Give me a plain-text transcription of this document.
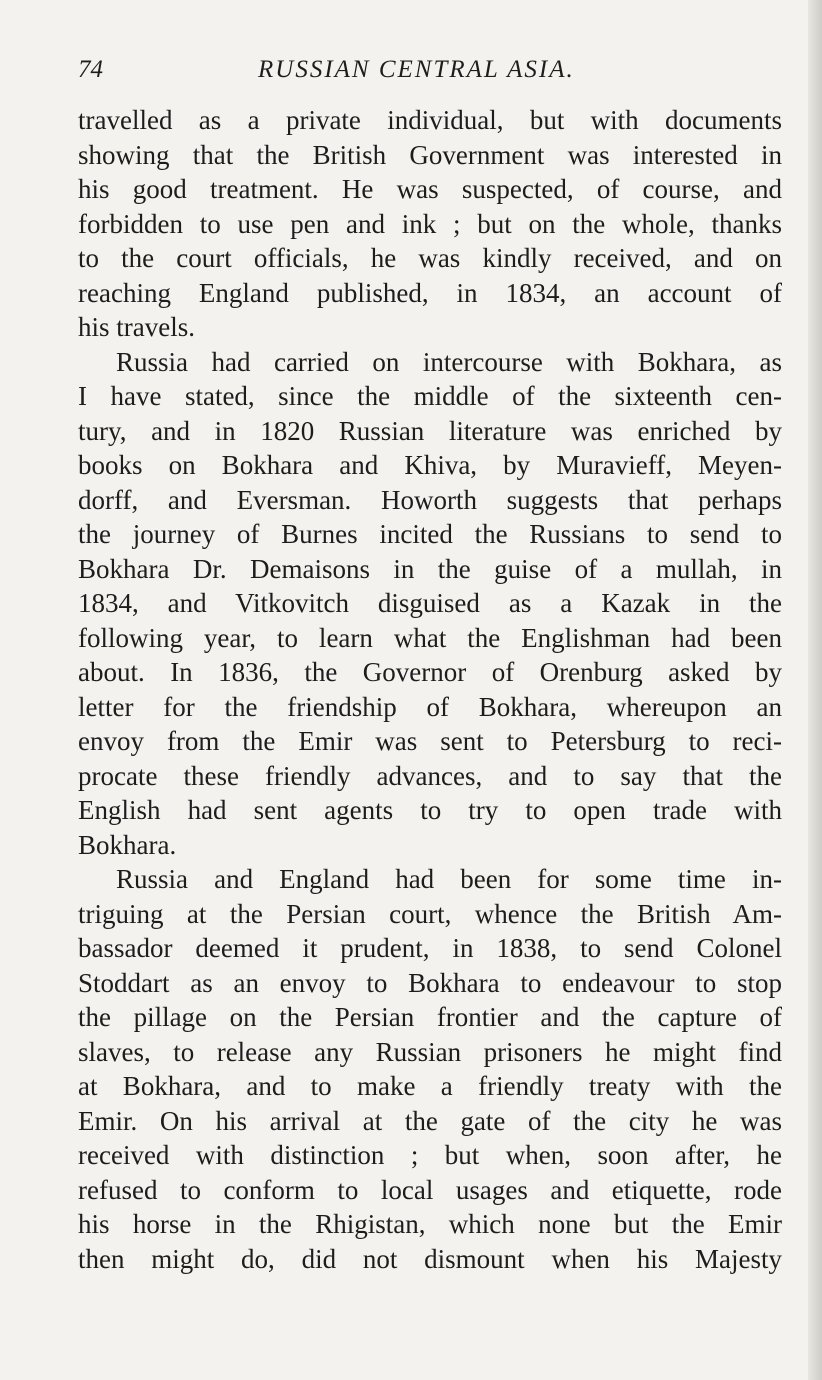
74	RUSSIAN CENTRAL ASIA.
travelled as a private individual, but with documents
showing that the British Government was interested in
his good treatment. He was suspected, of course, and
forbidden to use pen and ink ; but on the whole, thanks
to the court officials, he was kindly received, and on
reaching England published, in 1834, an account of
his travels.
Russia had carried on intercourse with Bokhara, as
I have stated, since the middle of the sixteenth cen-
tury, and in 1820 Russian literature was enriched by
books on Bokhara and Khiva, by Muravieff, Meyen-
dorff, and Eversman. Howorth suggests that perhaps
the journey of Burnes incited the Russians to send to
Bokhara Dr. Demaisons in the guise of a mullah, in
1834, and Vitkovitch disguised as a Kazak in the
following year, to learn what the Englishman had been
about. In 1836, the Governor of Orenburg asked by
letter for the friendship of Bokhara, whereupon an
envoy from the Emir was sent to Petersburg to reci-
procate these friendly advances, and to say that the
English had sent agents to try to open trade with
Bokhara.
Russia and England had been for some time in-
triguing at the Persian court, whence the British Am-
bassador deemed it prudent, in 1838, to send Colonel
Stoddart as an envoy to Bokhara to endeavour to stop
the pillage on the Persian frontier and the capture of
slaves, to release any Russian prisoners he might find
at Bokhara, and to make a friendly treaty with the
Emir. On his arrival at the gate of the city he was
received with distinction ; but when, soon after, he
refused to conform to local usages and etiquette, rode
his horse in the Rhigistan, which none but the Emir
then might do, did not dismount when his Majesty
